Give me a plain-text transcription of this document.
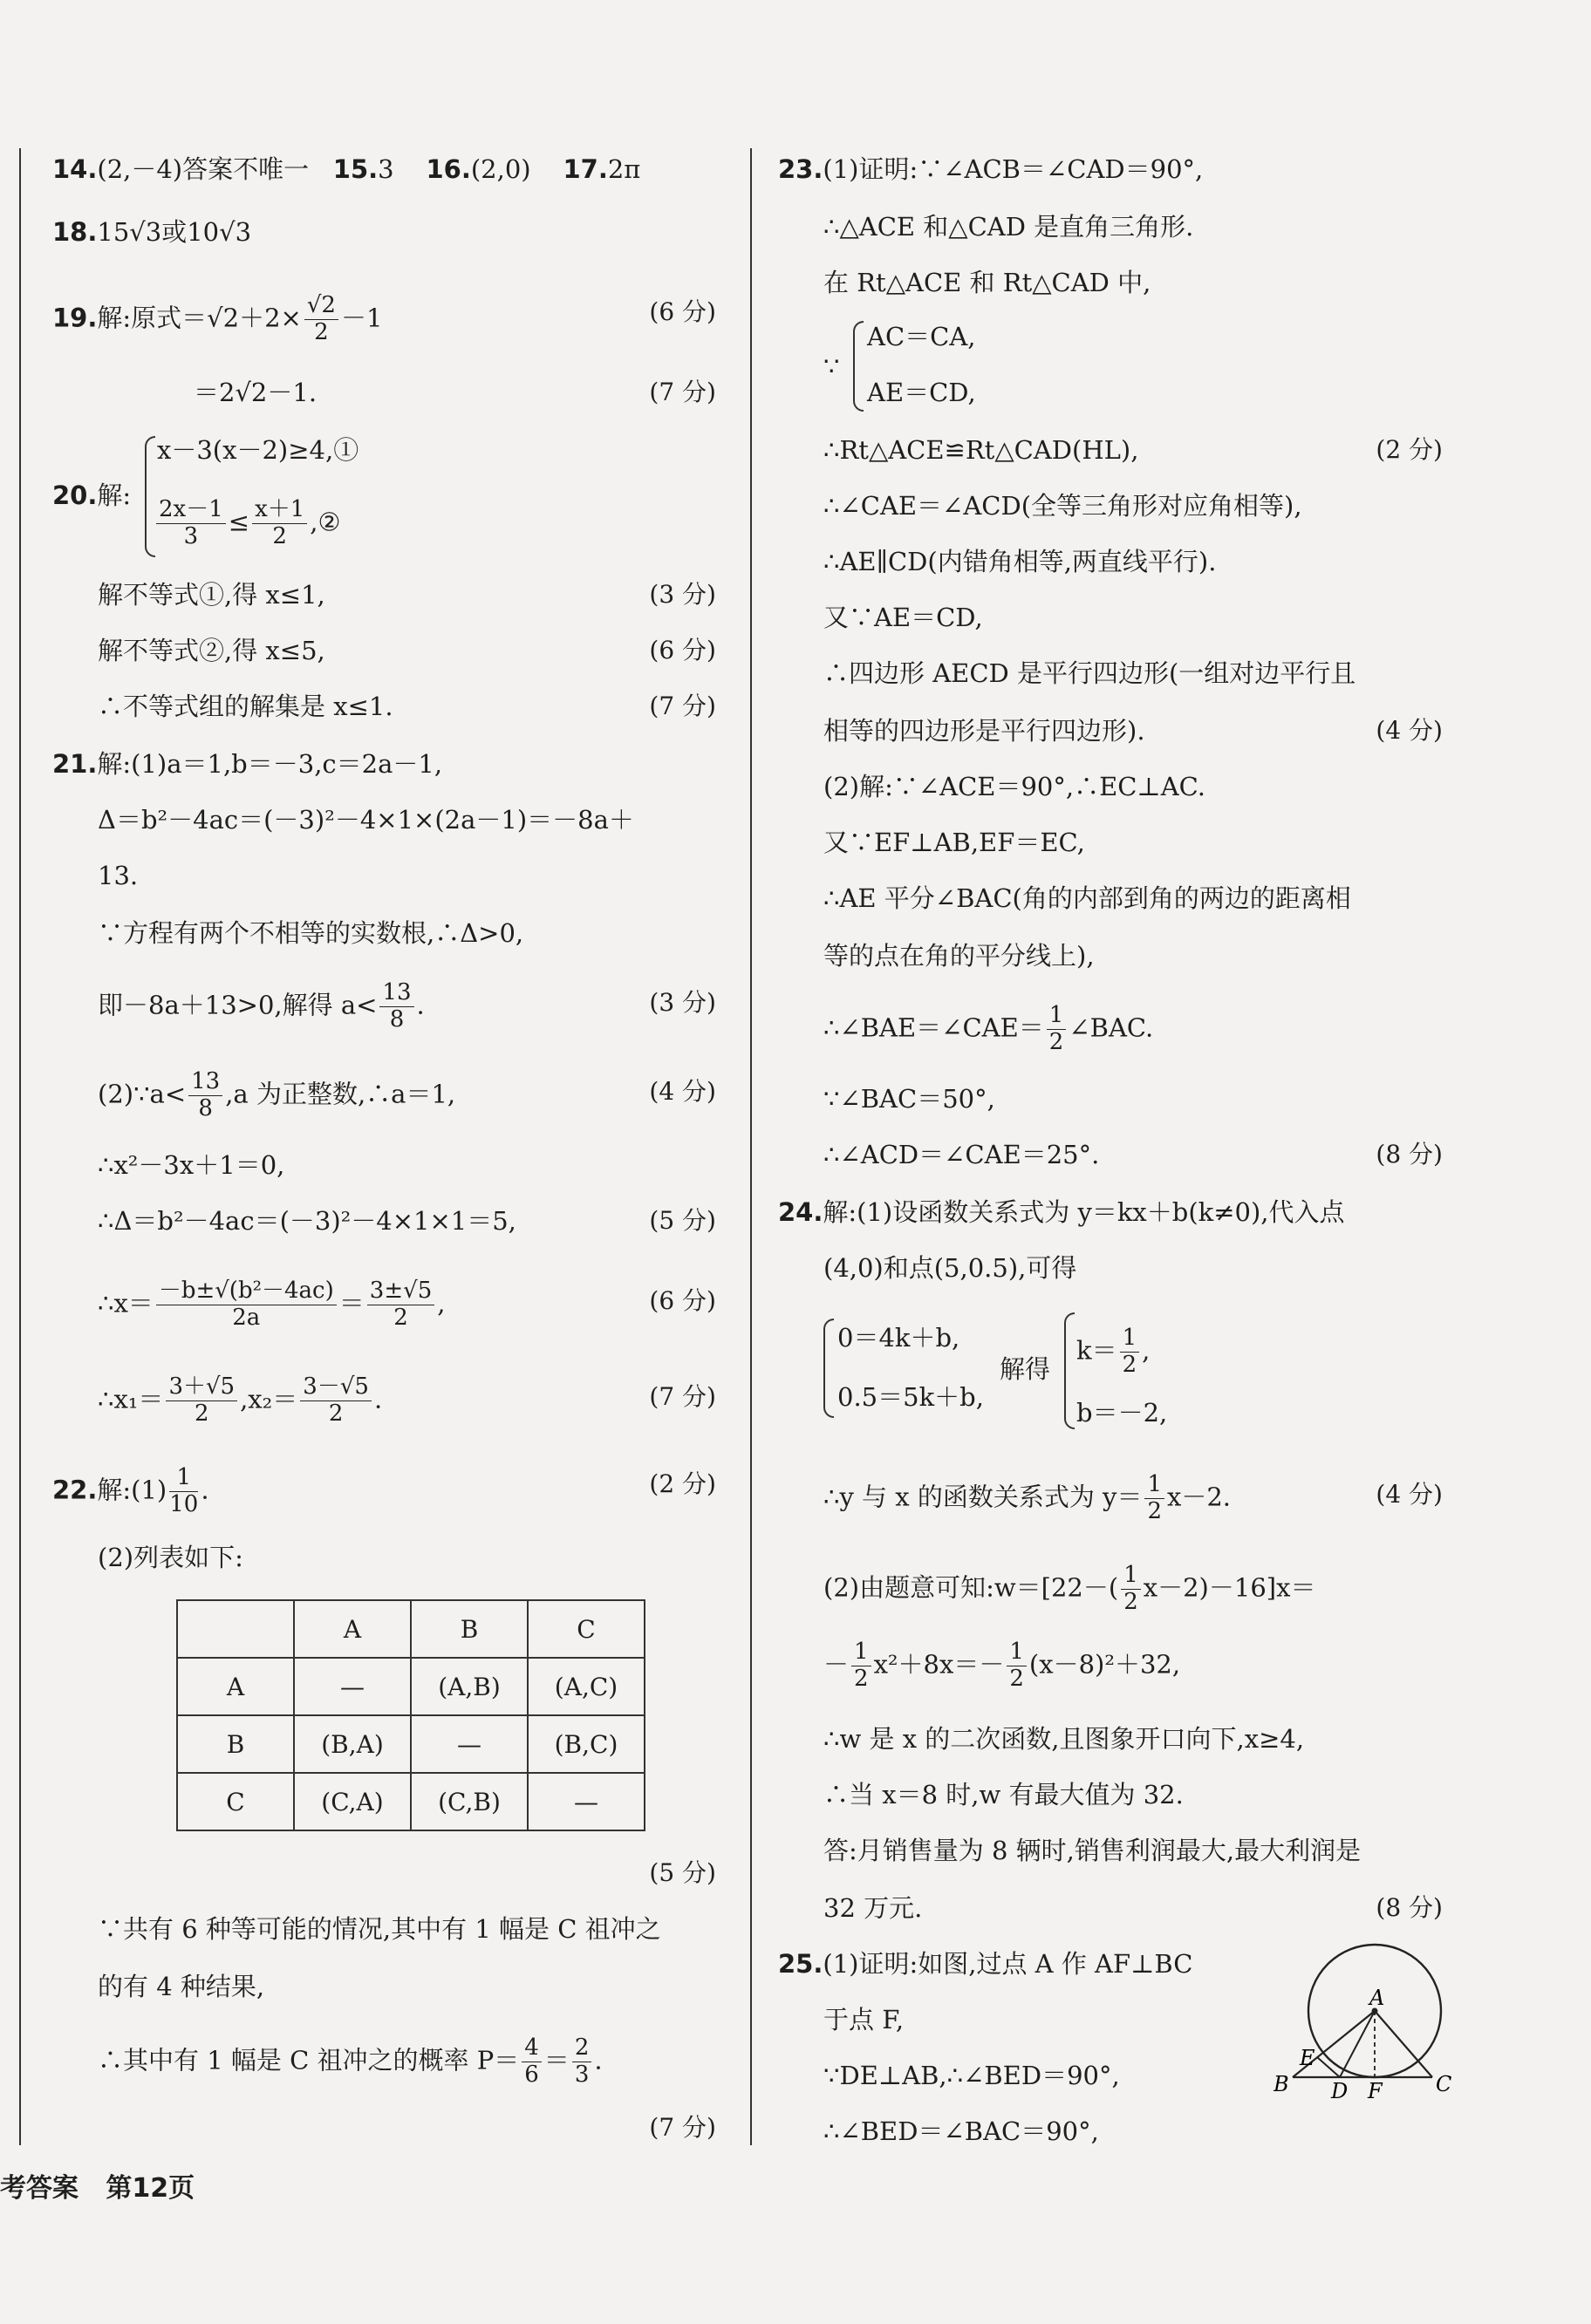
14.(2,－4)答案不唯一 15.3 16.(2,0) 17.2π
18.15√3或10√3
19.解:原式$=√2+2\times \frac{√2}{2} -1$	(6 分)
＝2√2－1.	(7 分)
20.解:
x－3(x－2)≥4,①
$\frac{2x-1}{3} \le \frac{x+1}{2}$ ,②
解不等式①,得 x≤1,	(3 分)
解不等式②,得 x≤5,	(6 分)
∴不等式组的解集是 x≤1.	(7 分)
21.解:(1)a＝1,b＝－3,c＝2a－1,
Δ＝b²－4ac＝(－3)²－4×1×(2a－1)＝－8a＋
13.
∵方程有两个不相等的实数根,∴Δ>0,
即－8a＋13>0,解得 $a< \frac{13}{8}$ .	(3 分)
(2)∵a< $\frac{13}{8} ,a$ 为正整数,∴a＝1,	(4 分)
∴x²－3x＋1＝0,
∴Δ＝b²－4ac＝(－3)²－4×1×1＝5,	(5 分)
∴x＝ $\frac{\text{－b±√(b²－4ac)}}{2a} = \frac{3\pm√5}{2}$ ,	(6 分)
∴x₁＝ $\frac{3+√5}{2} ,x_2= \frac{3-√5}{2}$ .	(7 分)
22.解:(1) $\frac{1}{10}$ .	(2 分)
(2)列表如下:
	A	B	C
A	—	(A,B)	(A,C)
B	(B,A)	—	(B,C)
C	(C,A)	(C,B)	—
(5 分)
∵共有 6 种等可能的情况,其中有 1 幅是 C 祖冲之
的有 4 种结果,
∴其中有 1 幅是 C 祖冲之的概率 $P= \frac{4}{6} = \frac{2}{3}$ .
(7 分)
23.(1)证明:∵∠ACB＝∠CAD＝90°,
∴△ACE 和△CAD 是直角三角形.
在 Rt△ACE 和 Rt△CAD 中,
∵
AC＝CA,
AE＝CD,
∴Rt△ACE≌Rt△CAD(HL),	(2 分)
∴∠CAE＝∠ACD(全等三角形对应角相等),
∴AE∥CD(内错角相等,两直线平行).
又∵AE＝CD,
∴四边形 AECD 是平行四边形(一组对边平行且
相等的四边形是平行四边形).	(4 分)
(2)解:∵∠ACE＝90°,∴EC⊥AC.
又∵EF⊥AB,EF＝EC,
∴AE 平分∠BAC(角的内部到角的两边的距离相
等的点在角的平分线上),
∴∠BAE＝∠CAE＝ $\frac{1}{2}$ ∠BAC.
∵∠BAC＝50°,
∴∠ACD＝∠CAE＝25°.	(8 分)
24.解:(1)设函数关系式为 y＝kx＋b(k≠0),代入点
(4,0)和点(5,0.5),可得
0＝4k＋b,
0.5＝5k＋b,
解得
$k= \frac{1}{2}$ ,
b＝－2,
∴y 与 x 的函数关系式为 $y= \frac{1}{2} x-2$.	(4 分)
(2)由题意可知:w＝[22－( $\frac{1}{2} x-2)-16]x=$
－ $\frac{1}{2} x^2+8x=- \frac{1}{2} (x-8)^2+32$,
∴w 是 x 的二次函数,且图象开口向下,x≥4,
∴当 x＝8 时,w 有最大值为 32.
答:月销售量为 8 辆时,销售利润最大,最大利润是
32 万元.	(8 分)
25.(1)证明:如图,过点 A 作 AF⊥BC
于点 F,
∵DE⊥AB,∴∠BED＝90°,
∴∠BED＝∠BAC＝90°,
A
E
B D F	C
考答案 第12页
